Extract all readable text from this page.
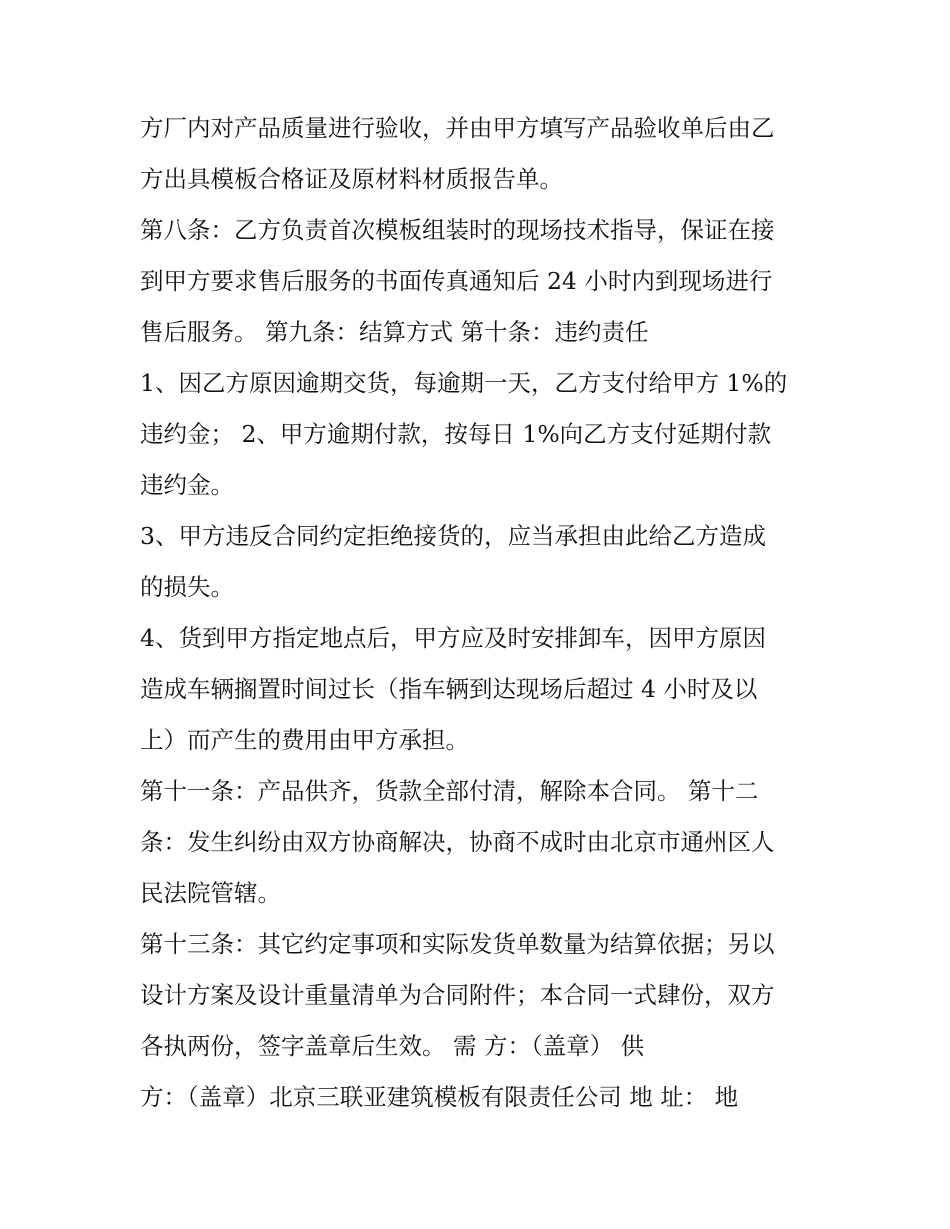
方厂内对产品质量进行验收，并由甲方填写产品验收单后由乙
方出具模板合格证及原材料材质报告单。
第八条：乙方负责首次模板组装时的现场技术指导，保证在接
到甲方要求售后服务的书面传真通知后 24 小时内到现场进行
售后服务。 第九条：结算方式 第十条：违约责任
1、因乙方原因逾期交货，每逾期一天，乙方支付给甲方 1%的
违约金； 2、甲方逾期付款，按每日 1%向乙方支付延期付款
违约金。
3、甲方违反合同约定拒绝接货的，应当承担由此给乙方造成
的损失。
4、货到甲方指定地点后，甲方应及时安排卸车，因甲方原因
造成车辆搁置时间过长（指车辆到达现场后超过 4 小时及以
上）而产生的费用由甲方承担。
第十一条：产品供齐，货款全部付清，解除本合同。 第十二
条：发生纠纷由双方协商解决，协商不成时由北京市通州区人
民法院管辖。
第十三条：其它约定事项和实际发货单数量为结算依据；另以
设计方案及设计重量清单为合同附件；本合同一式肆份，双方
各执两份，签字盖章后生效。 需 方：（盖章） 供
方：（盖章）北京三联亚建筑模板有限责任公司 地 址： 地
